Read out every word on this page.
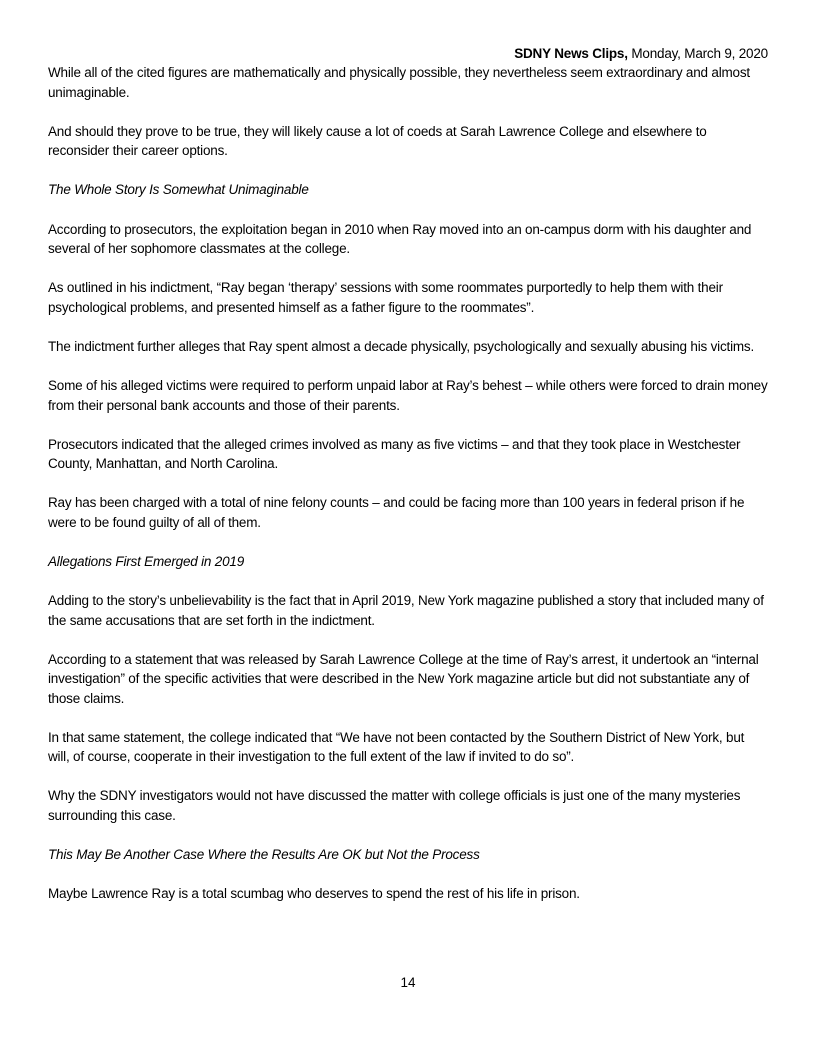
SDNY News Clips, Monday, March 9, 2020

While all of the cited figures are mathematically and physically possible, they nevertheless seem extraordinary and almost unimaginable.

And should they prove to be true, they will likely cause a lot of coeds at Sarah Lawrence College and elsewhere to reconsider their career options.

The Whole Story Is Somewhat Unimaginable

According to prosecutors, the exploitation began in 2010 when Ray moved into an on-campus dorm with his daughter and several of her sophomore classmates at the college.

As outlined in his indictment, “Ray began ‘therapy’ sessions with some roommates purportedly to help them with their psychological problems, and presented himself as a father figure to the roommates”.

The indictment further alleges that Ray spent almost a decade physically, psychologically and sexually abusing his victims.

Some of his alleged victims were required to perform unpaid labor at Ray’s behest – while others were forced to drain money from their personal bank accounts and those of their parents.

Prosecutors indicated that the alleged crimes involved as many as five victims – and that they took place in Westchester County, Manhattan, and North Carolina.

Ray has been charged with a total of nine felony counts – and could be facing more than 100 years in federal prison if he were to be found guilty of all of them.

Allegations First Emerged in 2019

Adding to the story’s unbelievability is the fact that in April 2019, New York magazine published a story that included many of the same accusations that are set forth in the indictment.

According to a statement that was released by Sarah Lawrence College at the time of Ray’s arrest, it undertook an “internal investigation” of the specific activities that were described in the New York magazine article but did not substantiate any of those claims.

In that same statement, the college indicated that “We have not been contacted by the Southern District of New York, but will, of course, cooperate in their investigation to the full extent of the law if invited to do so”.

Why the SDNY investigators would not have discussed the matter with college officials is just one of the many mysteries surrounding this case.

This May Be Another Case Where the Results Are OK but Not the Process

Maybe Lawrence Ray is a total scumbag who deserves to spend the rest of his life in prison.

14
